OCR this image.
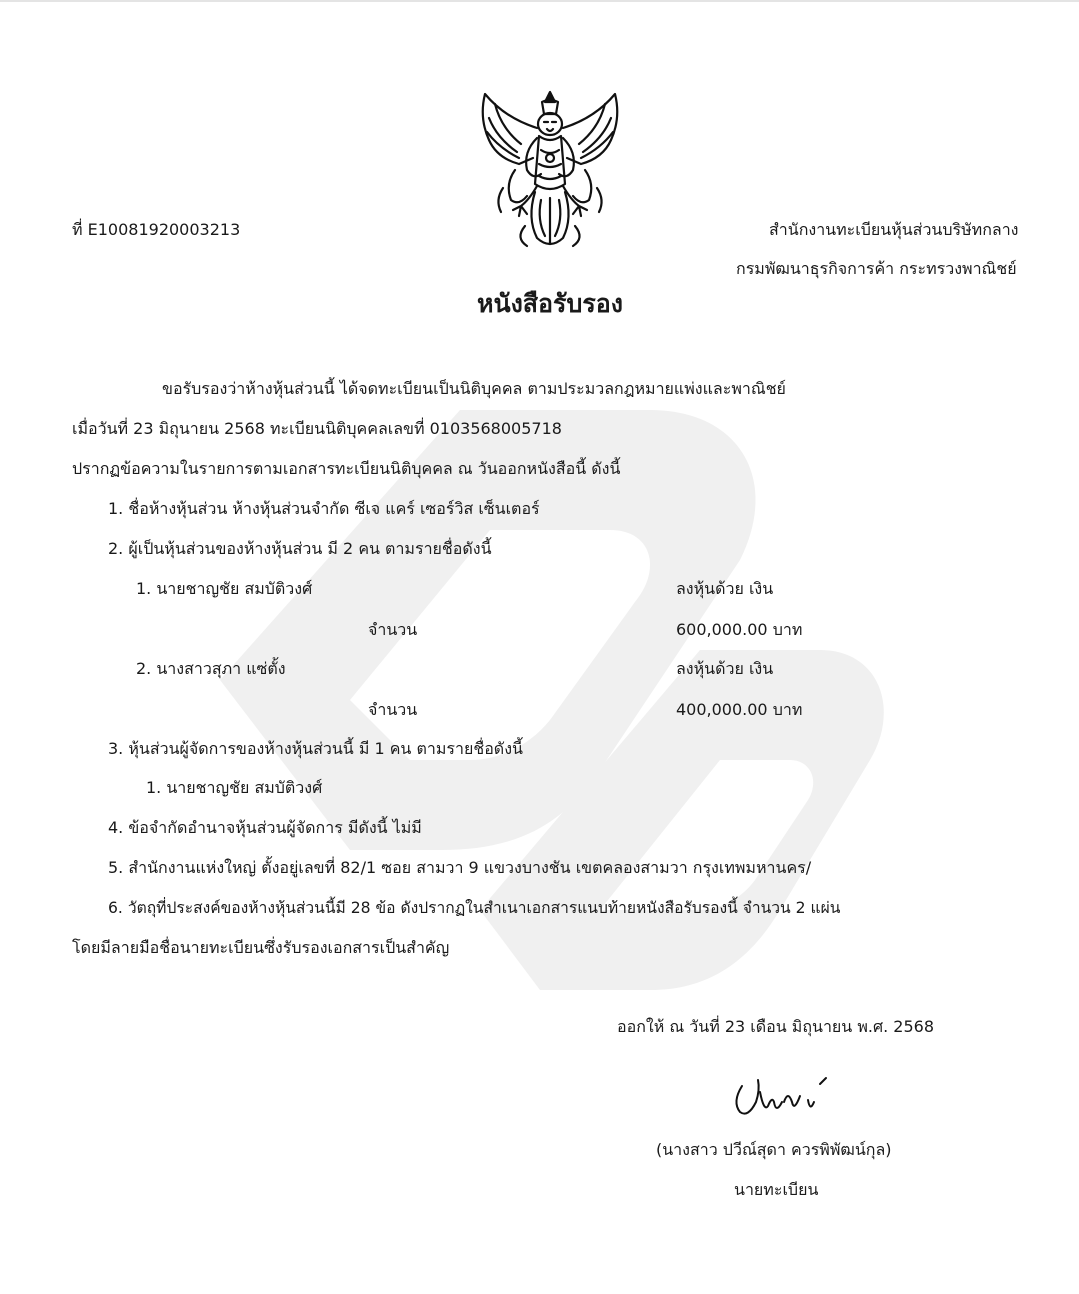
ที่ E10081920003213	สำนักงานทะเบียนหุ้นส่วนบริษัทกลาง
กรมพัฒนาธุรกิจการค้า กระทรวงพาณิชย์
หนังสือรับรอง
ขอรับรองว่าห้างหุ้นส่วนนี้ ได้จดทะเบียนเป็นนิติบุคคล ตามประมวลกฎหมายแพ่งและพาณิชย์
เมื่อวันที่ 23 มิถุนายน 2568 ทะเบียนนิติบุคคลเลขที่ 0103568005718
ปรากฏข้อความในรายการตามเอกสารทะเบียนนิติบุคคล ณ วันออกหนังสือนี้ ดังนี้
1. ชื่อห้างหุ้นส่วน ห้างหุ้นส่วนจำกัด ซีเจ แคร์ เซอร์วิส เซ็นเตอร์
2. ผู้เป็นหุ้นส่วนของห้างหุ้นส่วน มี 2 คน ตามรายชื่อดังนี้
1. นายชาญชัย สมบัติวงศ์	ลงหุ้นด้วย เงิน
จำนวน	600,000.00 บาท
2. นางสาวสุภา แซ่ตั้ง	ลงหุ้นด้วย เงิน
จำนวน	400,000.00 บาท
3. หุ้นส่วนผู้จัดการของห้างหุ้นส่วนนี้ มี 1 คน ตามรายชื่อดังนี้
1. นายชาญชัย สมบัติวงศ์
4. ข้อจำกัดอำนาจหุ้นส่วนผู้จัดการ มีดังนี้ ไม่มี
5. สำนักงานแห่งใหญ่ ตั้งอยู่เลขที่ 82/1 ซอย สามวา 9 แขวงบางชัน เขตคลองสามวา กรุงเทพมหานคร/
6. วัตถุที่ประสงค์ของห้างหุ้นส่วนนี้มี 28 ข้อ ดังปรากฏในสำเนาเอกสารแนบท้ายหนังสือรับรองนี้ จำนวน 2 แผ่น
โดยมีลายมือชื่อนายทะเบียนซึ่งรับรองเอกสารเป็นสำคัญ
ออกให้ ณ วันที่ 23 เดือน มิถุนายน พ.ศ. 2568
(นางสาว ปวีณ์สุดา ควรพิพัฒน์กุล)
นายทะเบียน
